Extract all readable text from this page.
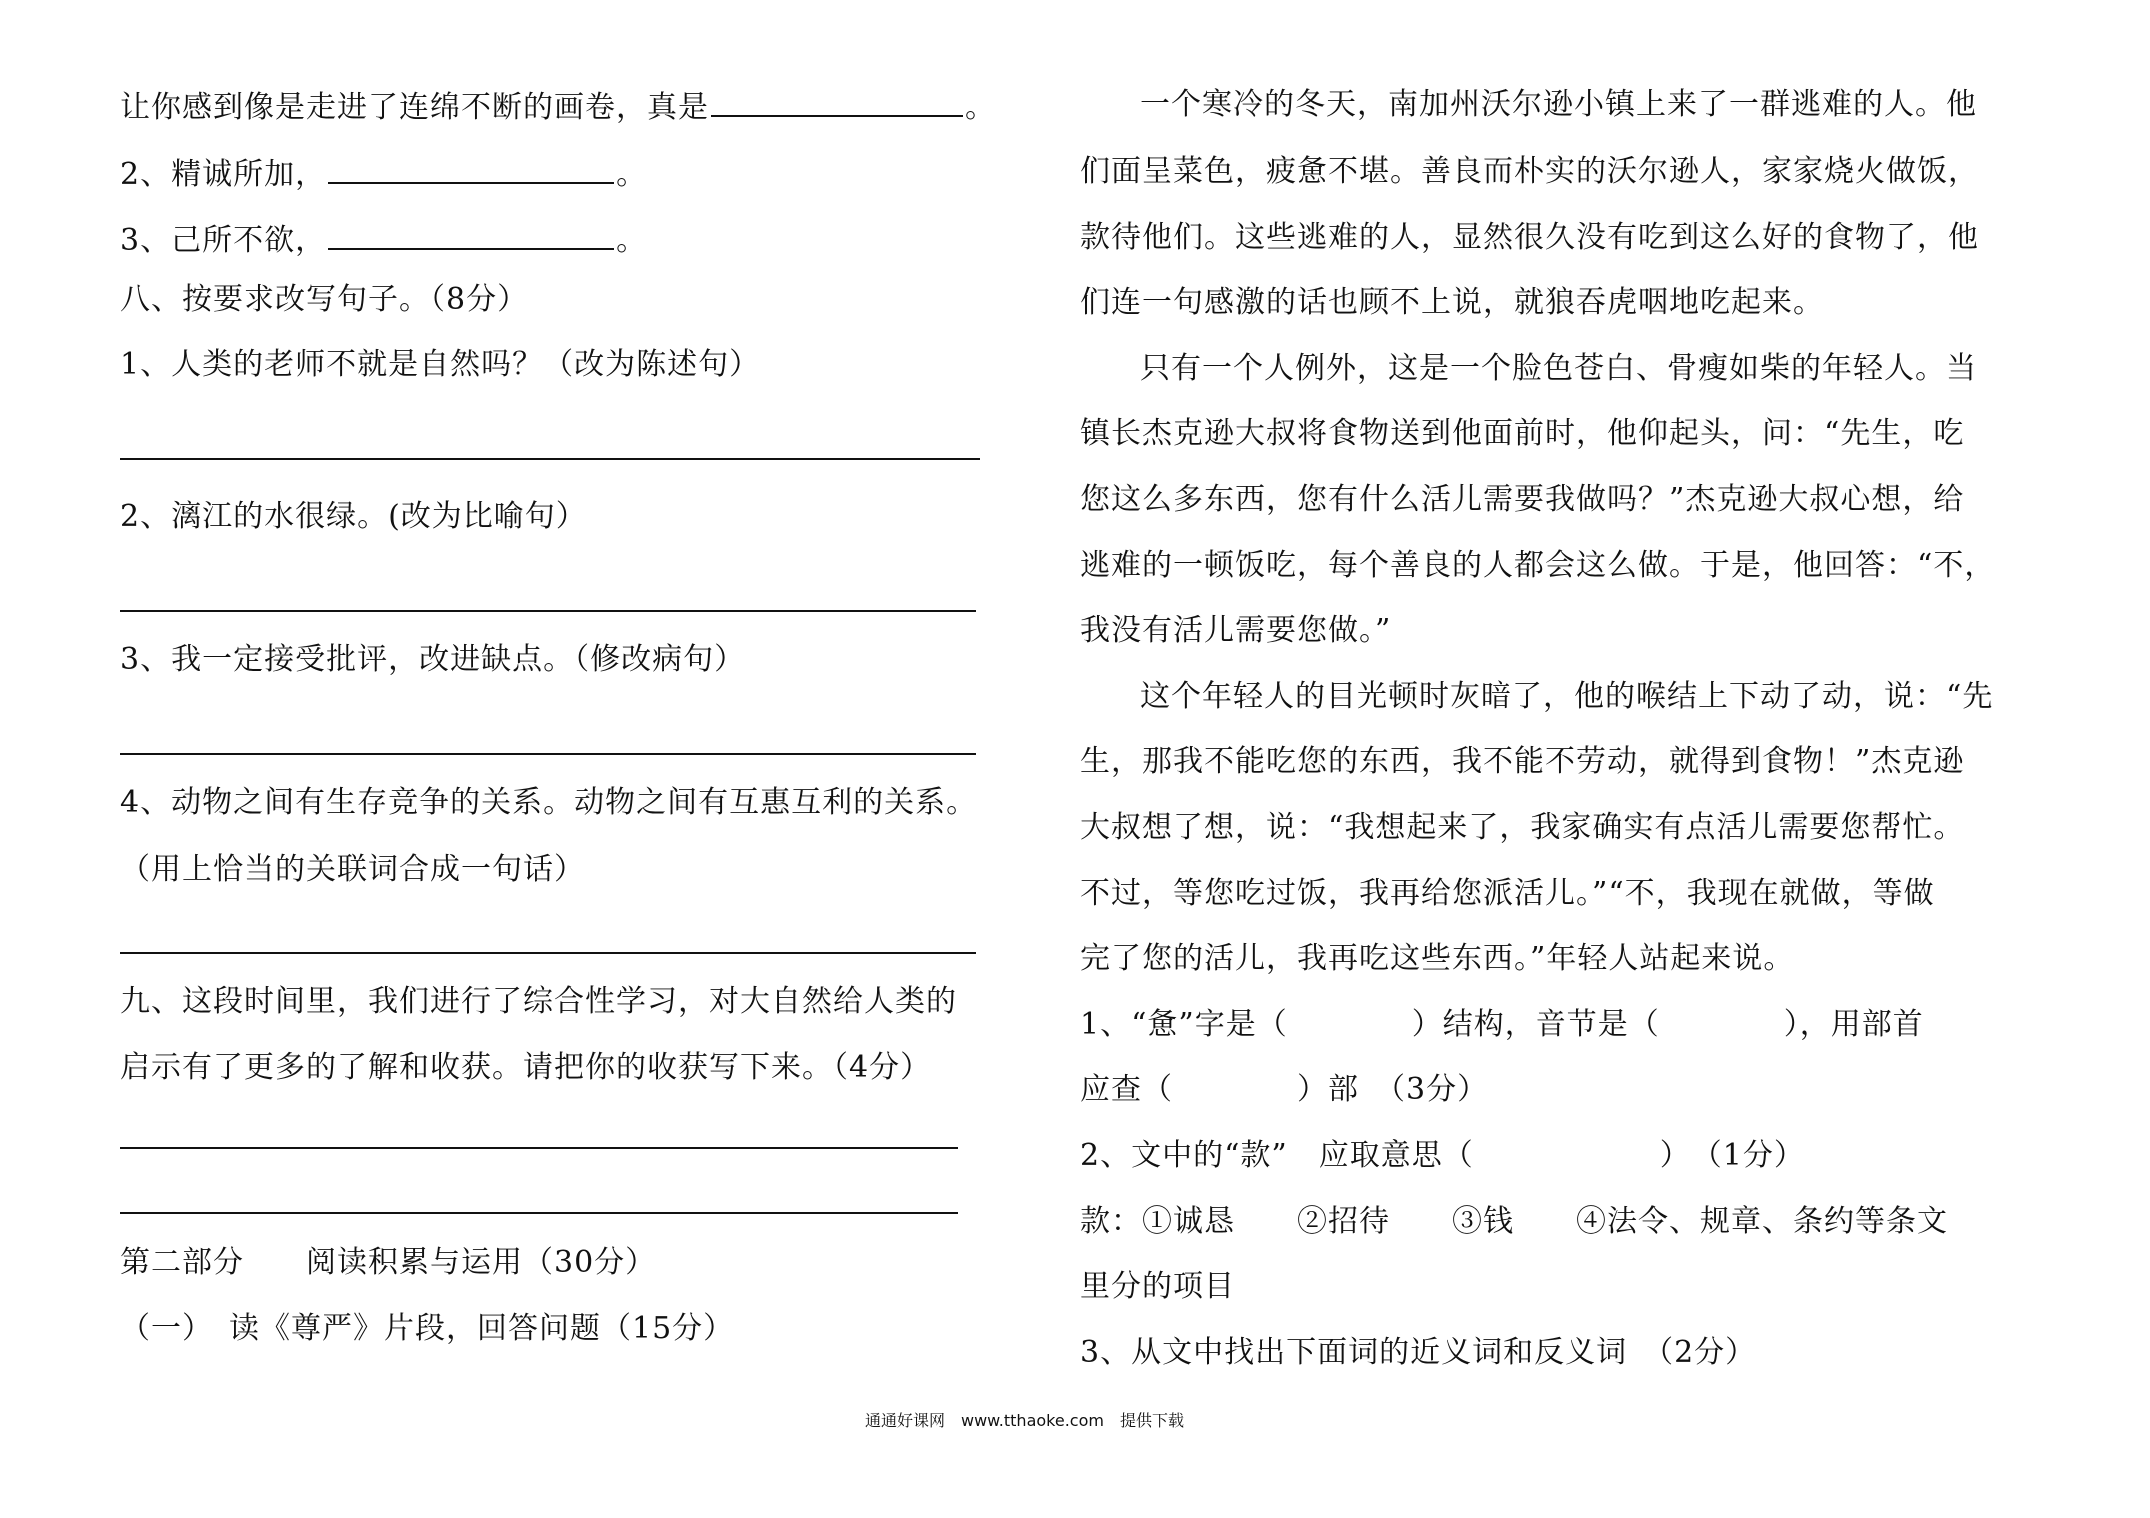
让你感到像是走进了连绵不断的画卷，真是	。
2、精诚所加，	。
3、己所不欲，	。
八、按要求改写句子。（8分）
1、人类的老师不就是自然吗？（改为陈述句）
2、漓江的水很绿。(改为比喻句）
3、我一定接受批评，改进缺点。（修改病句）
4、动物之间有生存竞争的关系。动物之间有互惠互利的关系。
（用上恰当的关联词合成一句话）
九、这段时间里，我们进行了综合性学习，对大自然给人类的
启示有了更多的了解和收获。请把你的收获写下来。（4分）
第二部分　　阅读积累与运用（30分）
（一）　读《尊严》片段，回答问题（15分）
一个寒冷的冬天，南加州沃尔逊小镇上来了一群逃难的人。他
们面呈菜色，疲惫不堪。善良而朴实的沃尔逊人，家家烧火做饭，
款待他们。这些逃难的人，显然很久没有吃到这么好的食物了，他
们连一句感激的话也顾不上说，就狼吞虎咽地吃起来。
只有一个人例外，这是一个脸色苍白、骨瘦如柴的年轻人。当
镇长杰克逊大叔将食物送到他面前时，他仰起头，问：“先生，吃
您这么多东西，您有什么活儿需要我做吗？”杰克逊大叔心想，给
逃难的一顿饭吃，每个善良的人都会这么做。于是，他回答：“不，
我没有活儿需要您做。”
这个年轻人的目光顿时灰暗了，他的喉结上下动了动，说：“先
生，那我不能吃您的东西，我不能不劳动，就得到食物！”杰克逊
大叔想了想，说：“我想起来了，我家确实有点活儿需要您帮忙。
不过，等您吃过饭，我再给您派活儿。”“不，我现在就做，等做
完了您的活儿，我再吃这些东西。”年轻人站起来说。
1、“惫”字是（　　　　）结构，音节是（　　　　），用部首
应查（　　　　）部　（3分）
2、文中的“款”　应取意思（　　　　　　）　（1分）
款：①诚恳　　②招待　　③钱　　④法令、规章、条约等条文
里分的项目
3、从文中找出下面词的近义词和反义词　（2分）
通通好课网　www.tthaoke.com　提供下载
